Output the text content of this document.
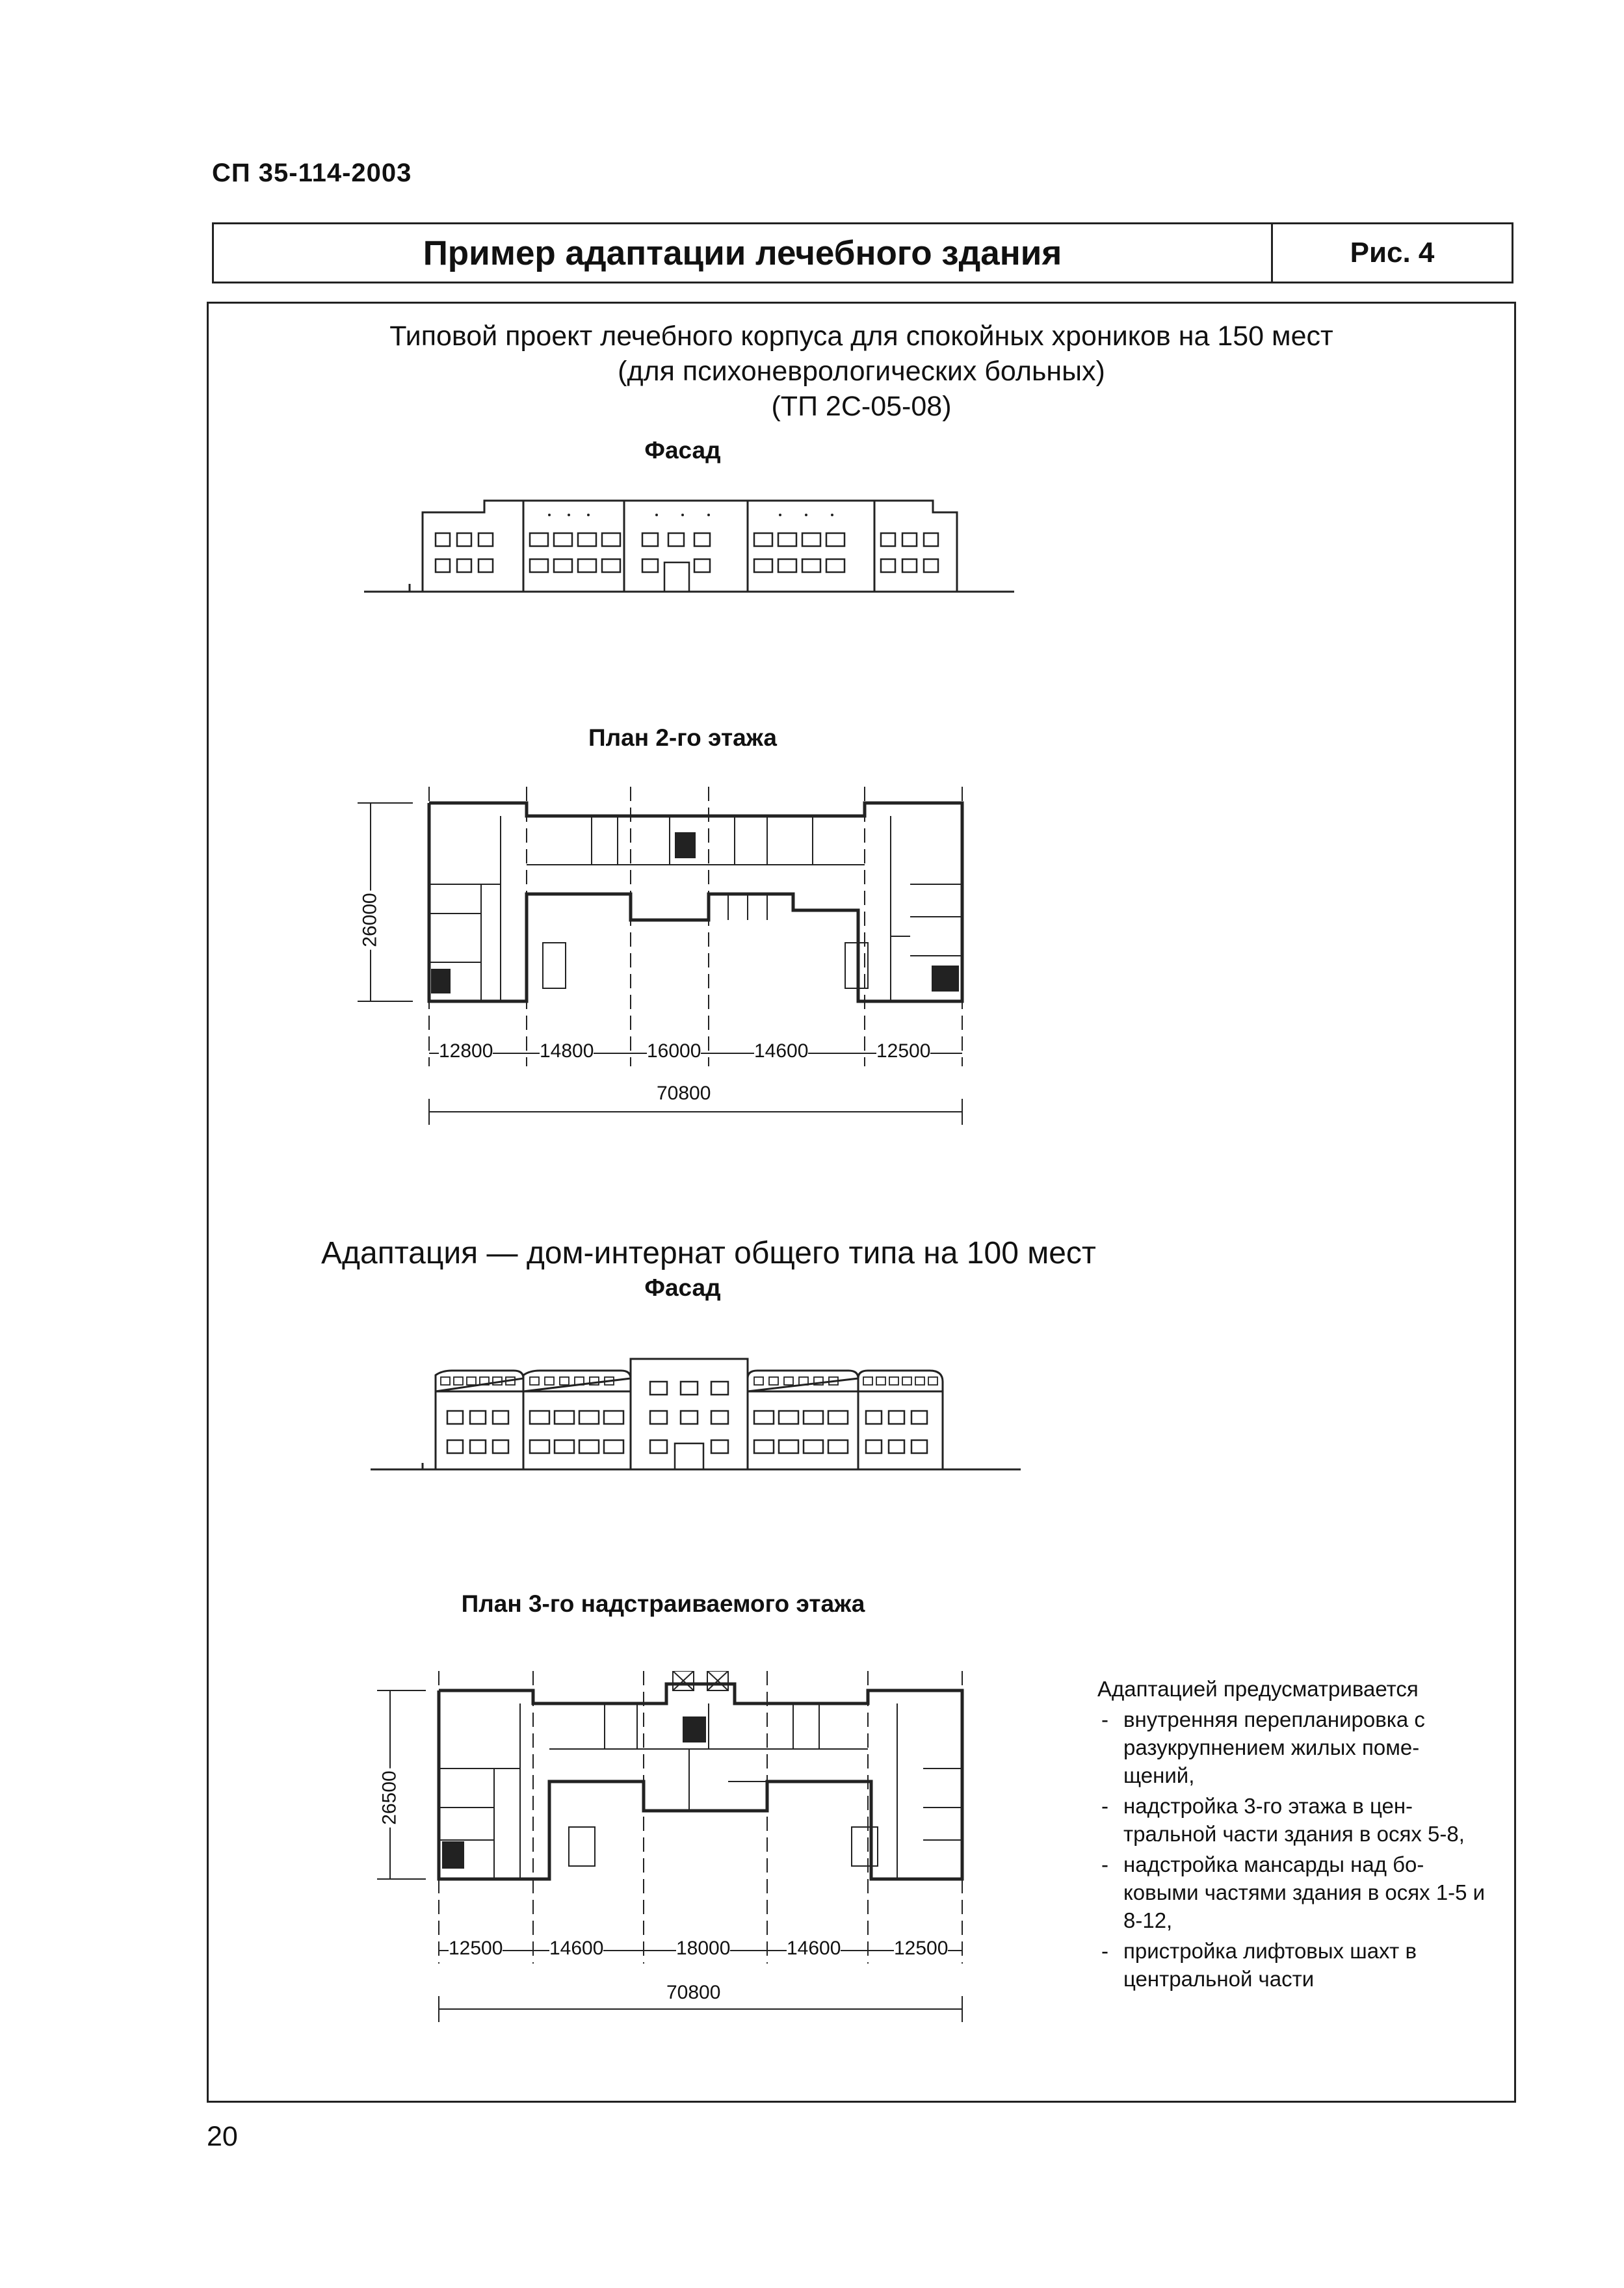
СП 35-114-2003
Пример адаптации лечебного здания	Рис. 4
Типовой проект лечебного корпуса для спокойных хроников на 150 мест
(для психоневрологических больных)
(ТП 2С-05-08)
Фасад
План 2-го этажа
26000
12800 14800	16000	14600	12500
70800
Адаптация — дом-интернат общего типа на 100 мест
Фасад
План 3-го надстраиваемого этажа
26500
12500 14600	18000	14600	12500
70800
Адаптацией предусматривается
- внутренняя перепланировка с разукрупнением жилых поме-щений,
- надстройка 3-го этажа в цен-тральной части здания в осях 5-8,
- надстройка мансарды над бо-ковыми частями здания в осях 1-5 и 8-12,
- пристройка лифтовых шахт в центральной части
20
